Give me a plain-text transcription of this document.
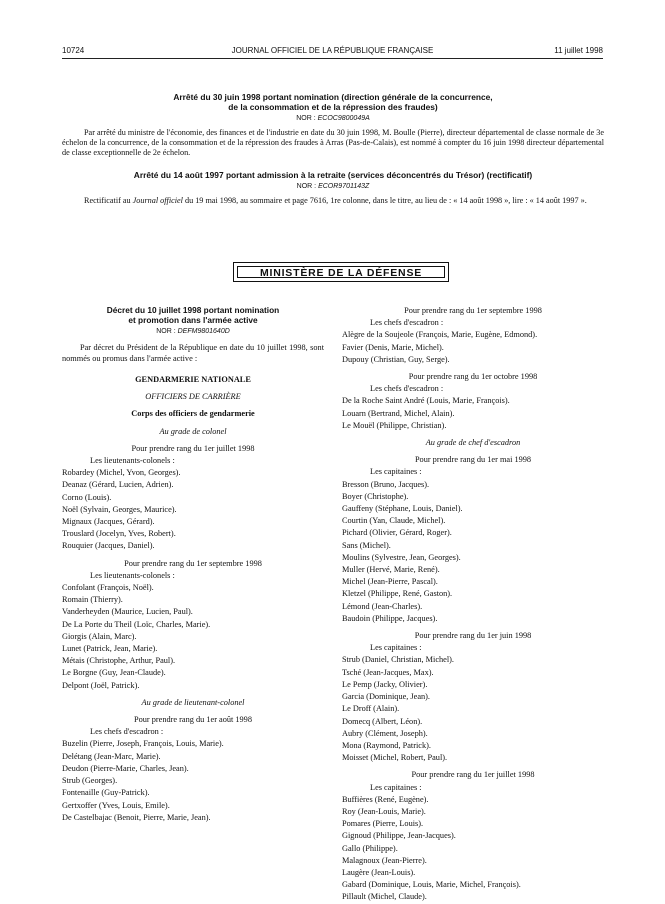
10724	JOURNAL OFFICIEL DE LA RÉPUBLIQUE FRANÇAISE	11 juillet 1998
Arrêté du 30 juin 1998 portant nomination (direction générale de la concurrence,
de la consommation et de la répression des fraudes)
NOR : ECOC9800049A
Par arrêté du ministre de l'économie, des finances et de l'industrie en date du 30 juin 1998, M. Boulle (Pierre), directeur départemental de classe normale de 3e échelon de la concurrence, de la consommation et de la répression des fraudes à Arras (Pas-de-Calais), est nommé à compter du 16 juin 1998 directeur départemental de classe exceptionnelle de 2e échelon.
Arrêté du 14 août 1997 portant admission à la retraite (services déconcentrés du Trésor) (rectificatif)
NOR : ECOR9701143Z
Rectificatif au Journal officiel du 19 mai 1998, au sommaire et page 7616, 1re colonne, dans le titre, au lieu de : « 14 août 1998 », lire : « 14 août 1997 ».
MINISTÈRE DE LA DÉFENSE
Décret du 10 juillet 1998 portant nomination
et promotion dans l'armée active
NOR : DEFM9801640D
Par décret du Président de la République en date du 10 juillet 1998, sont nommés ou promus dans l'armée active :
GENDARMERIE NATIONALE
OFFICIERS DE CARRIÈRE
Corps des officiers de gendarmerie
Au grade de colonel
Pour prendre rang du 1er juillet 1998
Les lieutenants-colonels :
Robardey (Michel, Yvon, Georges).
Deanaz (Gérard, Lucien, Adrien).
Corno (Louis).
Noël (Sylvain, Georges, Maurice).
Mignaux (Jacques, Gérard).
Trouslard (Jocelyn, Yves, Robert).
Rouquier (Jacques, Daniel).
Pour prendre rang du 1er septembre 1998
Les lieutenants-colonels :
Confolant (François, Noël).
Romain (Thierry).
Vanderheyden (Maurice, Lucien, Paul).
De La Porte du Theil (Loïc, Charles, Marie).
Giorgis (Alain, Marc).
Lunet (Patrick, Jean, Marie).
Métais (Christophe, Arthur, Paul).
Le Borgne (Guy, Jean-Claude).
Delpont (Joël, Patrick).
Au grade de lieutenant-colonel
Pour prendre rang du 1er août 1998
Les chefs d'escadron :
Buzelin (Pierre, Joseph, François, Louis, Marie).
Delétang (Jean-Marc, Marie).
Deudon (Pierre-Marie, Charles, Jean).
Strub (Georges).
Fontenaille (Guy-Patrick).
Gertхoffer (Yves, Louis, Emile).
De Castelbajac (Benoit, Pierre, Marie, Jean).
Pour prendre rang du 1er septembre 1998
Les chefs d'escadron :
Alègre de la Soujeole (François, Marie, Eugène, Edmond).
Favier (Denis, Marie, Michel).
Dupouy (Christian, Guy, Serge).
Pour prendre rang du 1er octobre 1998
Les chefs d'escadron :
De la Roche Saint André (Louis, Marie, François).
Louarn (Bertrand, Michel, Alain).
Le Mouël (Philippe, Christian).
Au grade de chef d'escadron
Pour prendre rang du 1er mai 1998
Les capitaines :
Bresson (Bruno, Jacques).
Boyer (Christophe).
Gauffeny (Stéphane, Louis, Daniel).
Courtin (Yan, Claude, Michel).
Pichard (Olivier, Gérard, Roger).
Sans (Michel).
Moulins (Sylvestre, Jean, Georges).
Muller (Hervé, Marie, René).
Michel (Jean-Pierre, Pascal).
Kletzel (Philippe, René, Gaston).
Lémond (Jean-Charles).
Baudoin (Philippe, Jacques).
Pour prendre rang du 1er juin 1998
Les capitaines :
Strub (Daniel, Christian, Michel).
Tsché (Jean-Jacques, Max).
Le Pemp (Jacky, Olivier).
Garcia (Dominique, Jean).
Le Droff (Alain).
Domecq (Albert, Léon).
Aubry (Clément, Joseph).
Mona (Raymond, Patrick).
Moisset (Michel, Robert, Paul).
Pour prendre rang du 1er juillet 1998
Les capitaines :
Buffières (René, Eugène).
Roy (Jean-Louis, Marie).
Pomares (Pierre, Louis).
Gignoud (Philippe, Jean-Jacques).
Gallo (Philippe).
Malagnoux (Jean-Pierre).
Laugère (Jean-Louis).
Gabard (Dominique, Louis, Marie, Michel, François).
Pillault (Michel, Claude).
